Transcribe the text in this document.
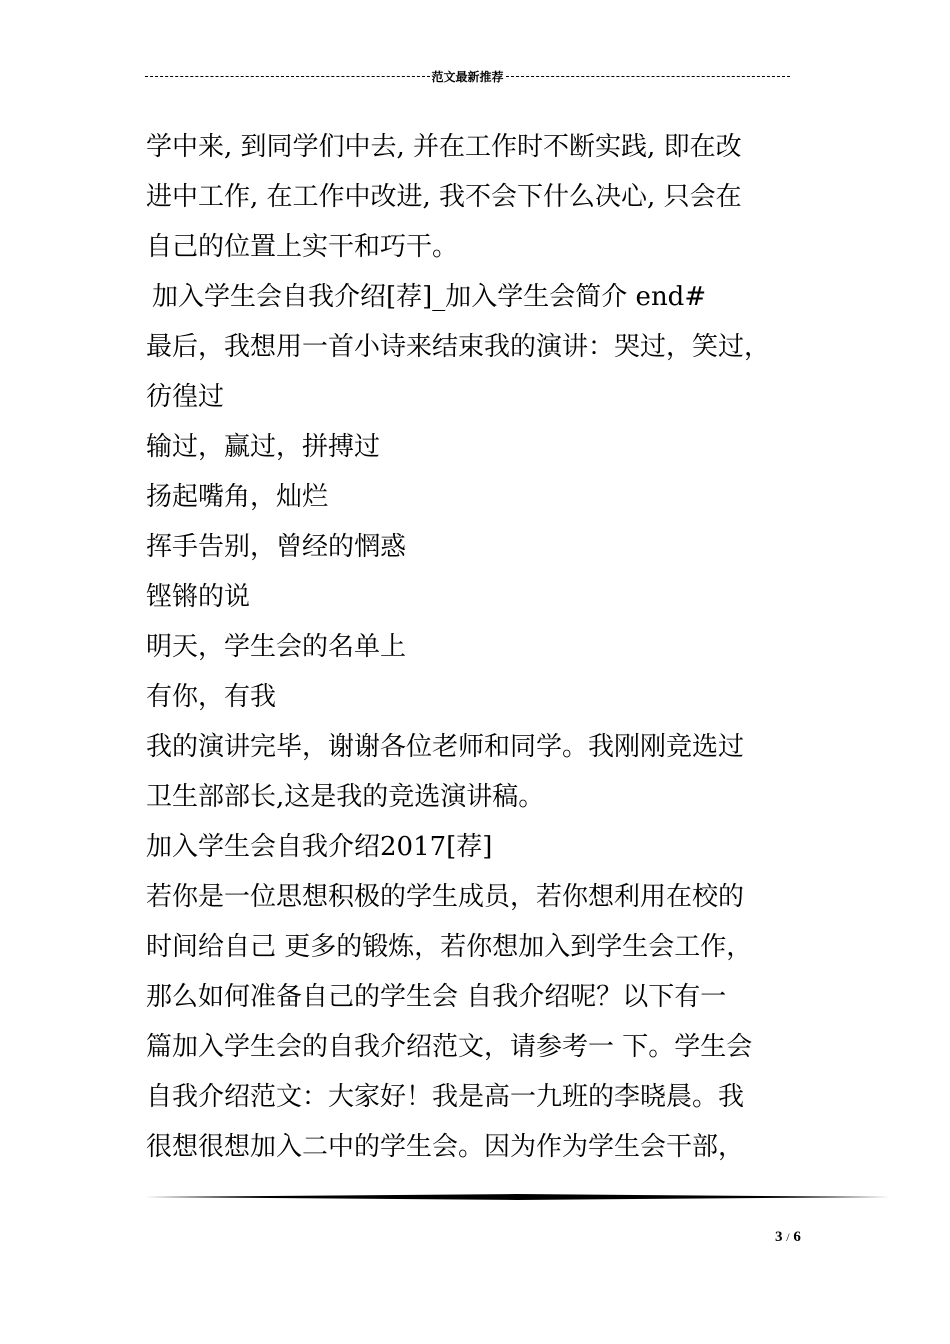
范文最新推荐
学中来, 到同学们中去, 并在工作时不断实践, 即在改
进中工作, 在工作中改进, 我不会下什么决心, 只会在
自己的位置上实干和巧干。
加入学生会自我介绍[荐]_加入学生会简介 end#
最后，我想用一首小诗来结束我的演讲：哭过，笑过，
彷徨过
输过，赢过，拼搏过
扬起嘴角，灿烂
挥手告别，曾经的惘惑
铿锵的说
明天，学生会的名单上
有你，有我
我的演讲完毕，谢谢各位老师和同学。我刚刚竞选过
卫生部部长,这是我的竞选演讲稿。
加入学生会自我介绍2017[荐]
若你是一位思想积极的学生成员，若你想利用在校的
时间给自己 更多的锻炼，若你想加入到学生会工作，
那么如何准备自己的学生会 自我介绍呢？以下有一
篇加入学生会的自我介绍范文，请参考一 下。学生会
自我介绍范文：大家好！我是高一九班的李晓晨。我
很想很想加入二中的学生会。因为作为学生会干部，
3 / 6
